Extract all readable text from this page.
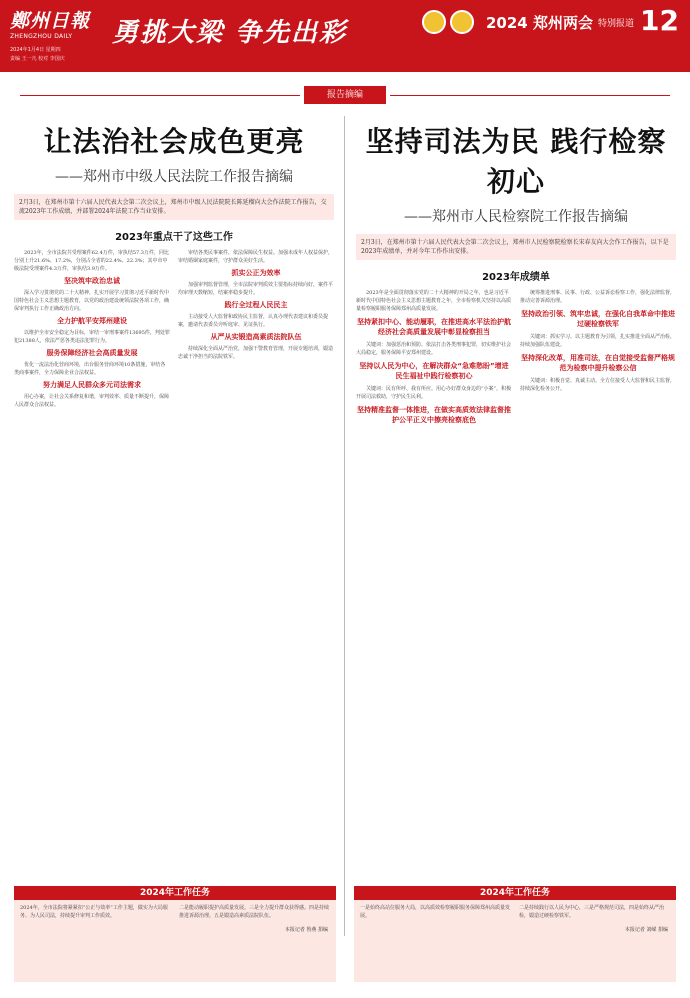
鄭州日報
ZHENGZHOU DAILY
2024年1月4日 星期四
责编 王一凡 校对 李国庆
勇挑大梁 争先出彩	2024 郑州两会 特别报道 12
报告摘编
让法治社会成色更亮
——郑州市中级人民法院工作报告摘编
2月3日，在郑州市第十六届人民代表大会第二次会议上，郑州市中级人民法院院长陈延榴向大会作法院工作报告，交流2023年工作成绩，并部署2024年法院工作当业安排。
2023年重点干了这些工作

2023年，全市法院共受理案件62.4万件，审执结57.3万件，同比分别上升21.6%、17.2%，分别占全省的22.4%、22.3%；其中市中级法院受理案件4.3万件，审执结3.9万件。

坚决筑牢政治忠诚

深入学习贯彻党的二十大精神，扎实开展学习贯彻习近平新时代中国特色社会主义思想主题教育，以党的政治建设统领法院各项工作，确保审判执行工作正确政治方向。

全力护航平安郑州建设

以维护全市安全稳定为目标，审结一审刑事案件13695件，判处罪犯21388人，依法严惩各类违法犯罪行为。

服务保障经济社会高质量发展

优化一流法治化营商环境，出台服务营商环境10条措施，审结各类商事案件，全力保障企业合法权益。

努力满足人民群众多元司法需求

用心办案，让社会关系修复和谐，审判效率、质量不断提升，保障人民群众合法权益。

审结各类民事案件，依法保障民生权益。加强未成年人权益保护，审结婚姻家庭案件，守护群众美好生活。

抓实公正为效率

加强审判监督管理，全市法院审判质效主要指标持续向好，案件平均审理天数缩短，结案率稳步提升。

践行全过程人民民主

主动接受人大监督和政协民主监督，认真办理代表建议和委员提案，邀请代表委员旁听庭审、见证执行。

从严从实锻造高素质法院队伍

持续深化全面从严治党，加强干警教育管理，开展专题培训，锻造忠诚干净担当的法院铁军。

坚持司法为民 践行检察初心
——郑州市人民检察院工作报告摘编
2月3日，在郑州市第十六届人民代表大会第二次会议上，郑州市人民检察院检察长宋春友向大会作工作报告，以下是2023年成绩单，并对今年工作作出安排。
2023年成绩单

2023年是全面贯彻落实党的二十大精神的开局之年，也是习近平新时代中国特色社会主义思想主题教育之年，全市检察机关坚持以高质量检察履职服务保障郑州高质量发展。

坚持紧扣中心、能动履职，在推进高水平法治护航经济社会高质量发展中彰显检察担当

关键词：加强惩治和预防。依法打击各类刑事犯罪，切实维护社会大局稳定，服务保障平安郑州建设。

坚持以人民为中心，在解决群众“急难愁盼”增进民生福祉中践行检察初心

关键词：民有所呼、我有所应。用心办好群众身边的“小案”，积极开展司法救助，守护民生民利。

坚持精准监督一体推进，在做实高质效法律监督推护公平正义中擦亮检察底色

统筹推进刑事、民事、行政、公益诉讼检察工作，强化法律监督，推动完善诉源治理。

坚持政治引领、筑牢忠诚，在强化自我革命中推进过硬检察铁军

关键词：抓实学习。以主题教育为引领，扎实推进全面从严治检，持续加强队伍建设。

坚持深化改革，用准司法，在自觉接受监督严格规范为检察中提升检察公信

关键词：积极自觉、真诚主动。全方位接受人大监督和民主监督，持续深化检务公开。

2024年工作任务
2024年，全市法院将紧紧扣“公正与效率”工作主题，做实为大局服务、为人民司法，持续提升审判工作质效。
二是能动履职提护高质量发展。三是全力提升群众获得感。四是持续推进诉源治理。五是锻造高素质法院队伍。
本报记者 鲁燕 捐编
2024年工作任务
一是始终高站位服务大局，以高质效检察履职服务保障郑州高质量发展。
二是持续践行以人民为中心，三是严格规范司法，四是始终从严治检，锻造过硬检察铁军。
本报记者 刘嵘 捐编
